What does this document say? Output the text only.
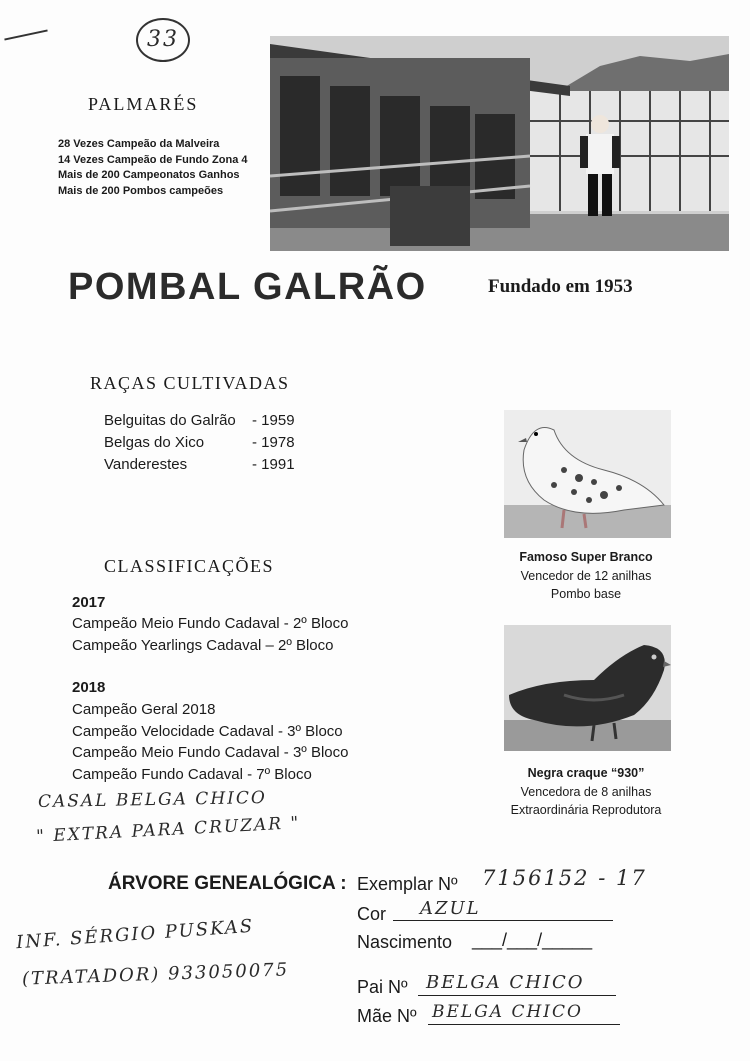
33
PALMARÉS
28 Vezes Campeão da Malveira
14 Vezes Campeão de Fundo Zona 4
Mais de 200 Campeonatos Ganhos
Mais de 200 Pombos campeões
POMBAL GALRÃO	Fundado em 1953
RAÇAS CULTIVADAS
Belguitas do Galrão	- 1959
Belgas do Xico	- 1978
Vanderestes	- 1991
CLASSIFICAÇÕES
2017
Campeão Meio Fundo Cadaval - 2º Bloco
Campeão Yearlings Cadaval – 2º Bloco
2018
Campeão Geral 2018
Campeão Velocidade Cadaval - 3º Bloco
Campeão Meio Fundo Cadaval - 3º Bloco
Campeão Fundo Cadaval - 7º Bloco
Famoso Super Branco
Vencedor de 12 anilhas
Pombo base
Negra craque “930”
Vencedora de 8 anilhas
Extraordinária Reprodutora
CASAL BELGA CHICO
" EXTRA PARA CRUZAR "
INF. SÉRGIO PUSKAS
(TRATADOR) 933050075
ÁRVORE GENEALÓGICA : Exemplar Nº 7156152 - 17
Cor AZUL
Nascimento ___/___/_____
Pai Nº BELGA CHICO
Mãe Nº BELGA CHICO
